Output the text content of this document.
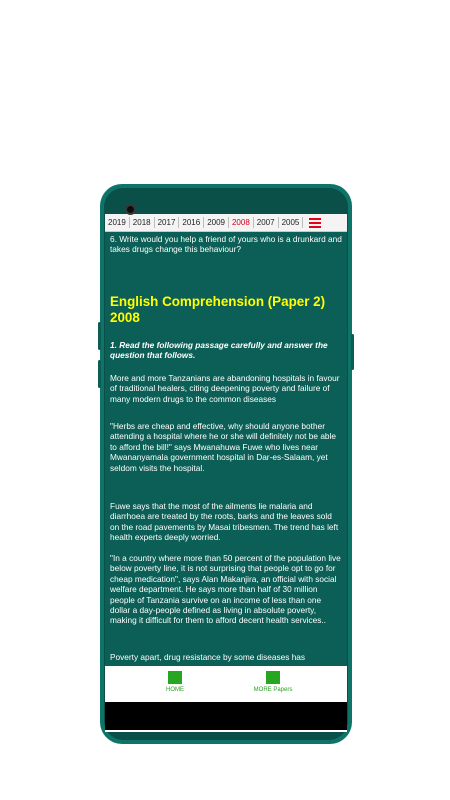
2019 2018 2017 2016 2009 2008 2007 2005

6. Write would you help a friend of yours who is a drunkard and takes drugs change this behaviour?

English Comprehension (Paper 2) 2008

1. Read the following passage carefully and answer the question that follows.

More and more Tanzanians are abandoning hospitals in favour of traditional healers, citing deepening poverty and failure of many modern drugs to the common diseases

"Herbs are cheap and effective, why should anyone bother attending a hospital where he or she will definitely not be able to afford the bill!" says Mwanahuwa Fuwe who lives near Mwananyamala government hospital in Dar-es-Salaam, yet seldom visits the hospital.

Fuwe says that the most of the ailments lie malaria and diarrhoea are treated by the roots, barks and the leaves sold on the road pavements by Masai tribesmen. The trend has left health experts deeply worried.

"In a country where more than 50 percent of the population live below poverty line, it is not surprising that people opt to go for cheap medication", says Alan Makanjira, an official with social welfare department. He says more than half of 30 million people of Tanzania survive on an income of less than one dollar a day-people defined as living in absolute poverty, making it difficult for them to afford decent health services..

Poverty apart, drug resistance by some diseases has

HOME	MORE Papers
